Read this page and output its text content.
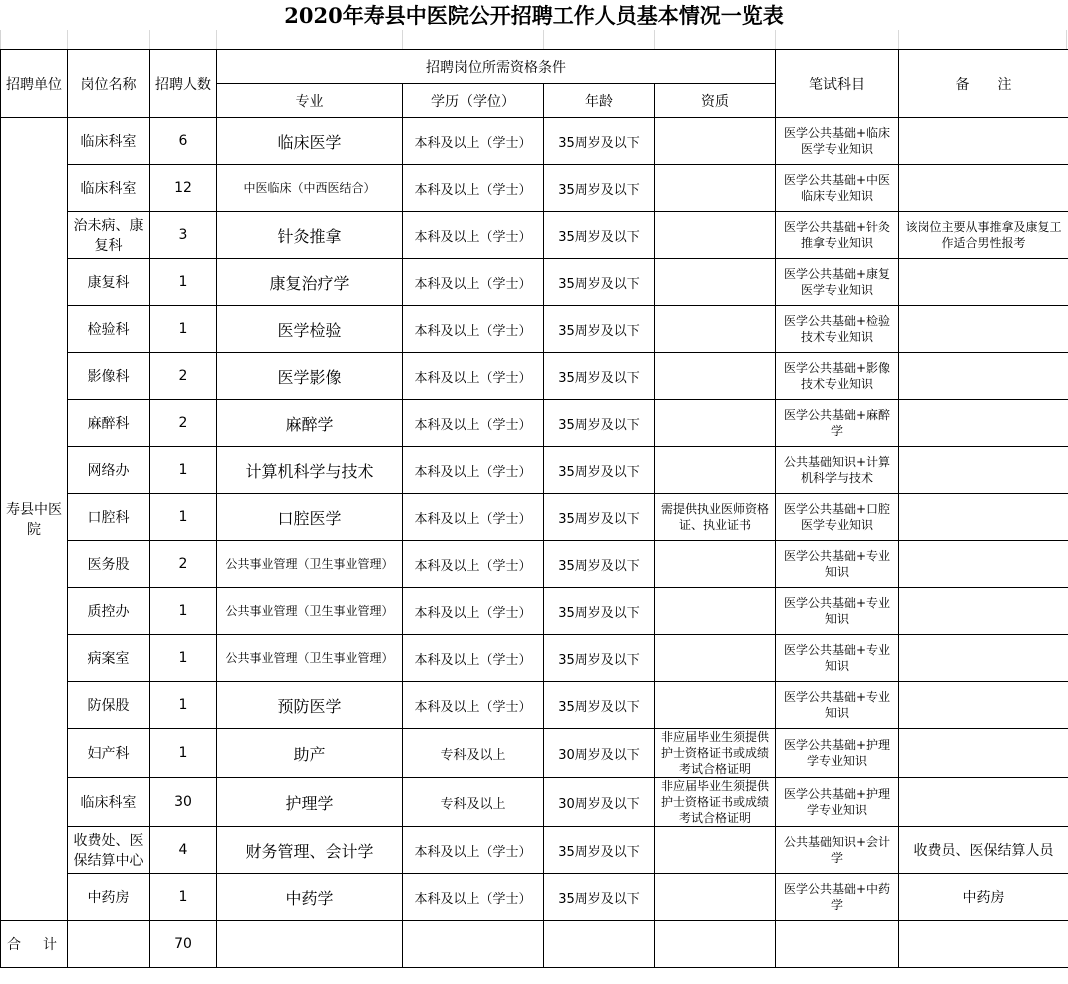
2020年寿县中医院公开招聘工作人员基本情况一览表
招聘单位	岗位名称	招聘人数	招聘岗位所需资格条件				笔试科目	备　　注
			专业	学历（学位）	年龄	资质		
寿县中医院	临床科室	6	临床医学	本科及以上（学士）	35周岁及以下		医学公共基础+临床医学专业知识	
	临床科室	12	中医临床（中西医结合）	本科及以上（学士）	35周岁及以下		医学公共基础+中医临床专业知识	
	治未病、康复科	3	针灸推拿	本科及以上（学士）	35周岁及以下		医学公共基础+针灸推拿专业知识	该岗位主要从事推拿及康复工作适合男性报考
	康复科	1	康复治疗学	本科及以上（学士）	35周岁及以下		医学公共基础+康复医学专业知识	
	检验科	1	医学检验	本科及以上（学士）	35周岁及以下		医学公共基础+检验技术专业知识	
	影像科	2	医学影像	本科及以上（学士）	35周岁及以下		医学公共基础+影像技术专业知识	
	麻醉科	2	麻醉学	本科及以上（学士）	35周岁及以下		医学公共基础+麻醉学	
	网络办	1	计算机科学与技术	本科及以上（学士）	35周岁及以下		公共基础知识+计算机科学与技术	
	口腔科	1	口腔医学	本科及以上（学士）	35周岁及以下	需提供执业医师资格证、执业证书	医学公共基础+口腔医学专业知识	
	医务股	2	公共事业管理（卫生事业管理）	本科及以上（学士）	35周岁及以下		医学公共基础+专业知识	
	质控办	1	公共事业管理（卫生事业管理）	本科及以上（学士）	35周岁及以下		医学公共基础+专业知识	
	病案室	1	公共事业管理（卫生事业管理）	本科及以上（学士）	35周岁及以下		医学公共基础+专业知识	
	防保股	1	预防医学	本科及以上（学士）	35周岁及以下		医学公共基础+专业知识	
	妇产科	1	助产	专科及以上	30周岁及以下	非应届毕业生须提供护士资格证书或成绩考试合格证明	医学公共基础+护理学专业知识	
	临床科室	30	护理学	专科及以上	30周岁及以下	非应届毕业生须提供护士资格证书或成绩考试合格证明	医学公共基础+护理学专业知识	
	收费处、医保结算中心	4	财务管理、会计学	本科及以上（学士）	35周岁及以下		公共基础知识+会计学	收费员、医保结算人员
	中药房	1	中药学	本科及以上（学士）	35周岁及以下		医学公共基础+中药学	中药房
合 计		70						
